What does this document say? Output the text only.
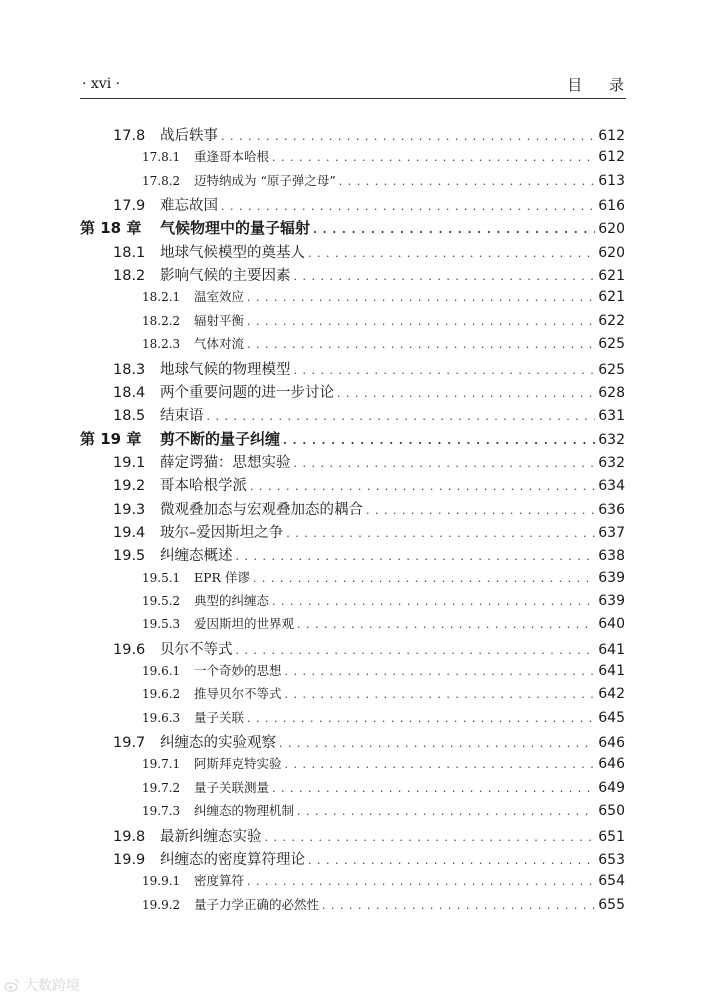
· xvi ·	目 录
17.8	战后轶事 . . .	612
17.8.1	重逢哥本哈根 . . .	612
17.8.2	迈特纳成为 “原子弹之母” . . .	613
17.9	难忘故国 . . .	616
第 18 章	气候物理中的量子辐射 . . .	620
18.1	地球气候模型的奠基人 . . .	620
18.2	影响气候的主要因素 . . .	621
18.2.1	温室效应 . . .	621
18.2.2	辐射平衡 . . .	622
18.2.3	气体对流 . . .	625
18.3	地球气候的物理模型 . . .	625
18.4	两个重要问题的进一步讨论 . . .	628
18.5	结束语 . . .	631
第 19 章	剪不断的量子纠缠 . . .	632
19.1	薛定谔猫：思想实验 . . .	632
19.2	哥本哈根学派 . . .	634
19.3	微观叠加态与宏观叠加态的耦合 . . .	636
19.4	玻尔–爱因斯坦之争 . . .	637
19.5	纠缠态概述 . . .	638
19.5.1	EPR 佯谬 . . .	639
19.5.2	典型的纠缠态 . . .	639
19.5.3	爱因斯坦的世界观 . . .	640
19.6	贝尔不等式 . . .	641
19.6.1	一个奇妙的思想 . . .	641
19.6.2	推导贝尔不等式 . . .	642
19.6.3	量子关联 . . .	645
19.7	纠缠态的实验观察 . . .	646
19.7.1	阿斯拜克特实验 . . .	646
19.7.2	量子关联测量 . . .	649
19.7.3	纠缠态的物理机制 . . .	650
19.8	最新纠缠态实验 . . .	651
19.9	纠缠态的密度算符理论 . . .	653
19.9.1	密度算符 . . .	654
19.9.2	量子力学正确的必然性 . . .	655
大数跨境
